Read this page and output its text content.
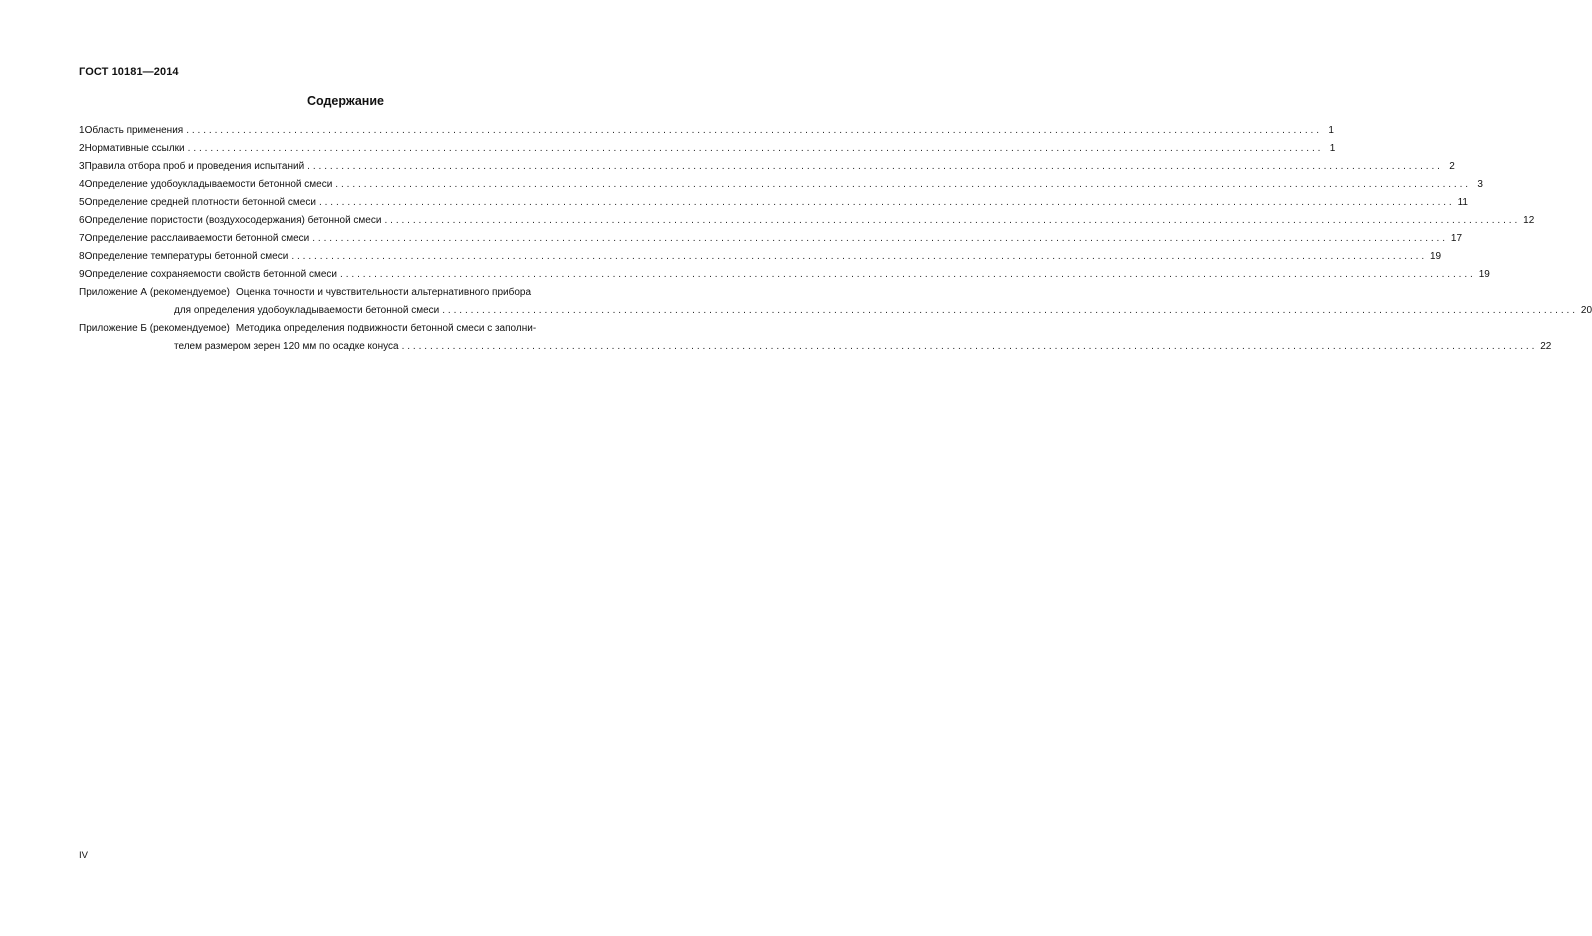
ГОСТ 10181—2014
Содержание
1 Область применения ........................................................................................................................................................................................................ 1
2 Нормативные ссылки ........................................................................................................................................................................................................ 1
3 Правила отбора проб и проведения испытаний ........................................................................................................................................................................................................ 2
4 Определение удобоукладываемости бетонной смеси ........................................................................................................................................................................................................ 3
5 Определение средней плотности бетонной смеси ........................................................................................................................................................................................................ 11
6 Определение пористости (воздухосодержания) бетонной смеси ........................................................................................................................................................................................................ 12
7 Определение расслаиваемости бетонной смеси ........................................................................................................................................................................................................ 17
8 Определение температуры бетонной смеси ........................................................................................................................................................................................................ 19
9 Определение сохраняемости свойств бетонной смеси ........................................................................................................................................................................................................ 19
Приложение А (рекомендуемое) Оценка точности и чувствительности альтернативного прибора
для определения удобоукладываемости бетонной смеси ........................................................................................................................................................................................................ 20
Приложение Б (рекомендуемое) Методика определения подвижности бетонной смеси с заполни-
телем размером зерен 120 мм по осадке конуса ........................................................................................................................................................................................................ 22
IV
